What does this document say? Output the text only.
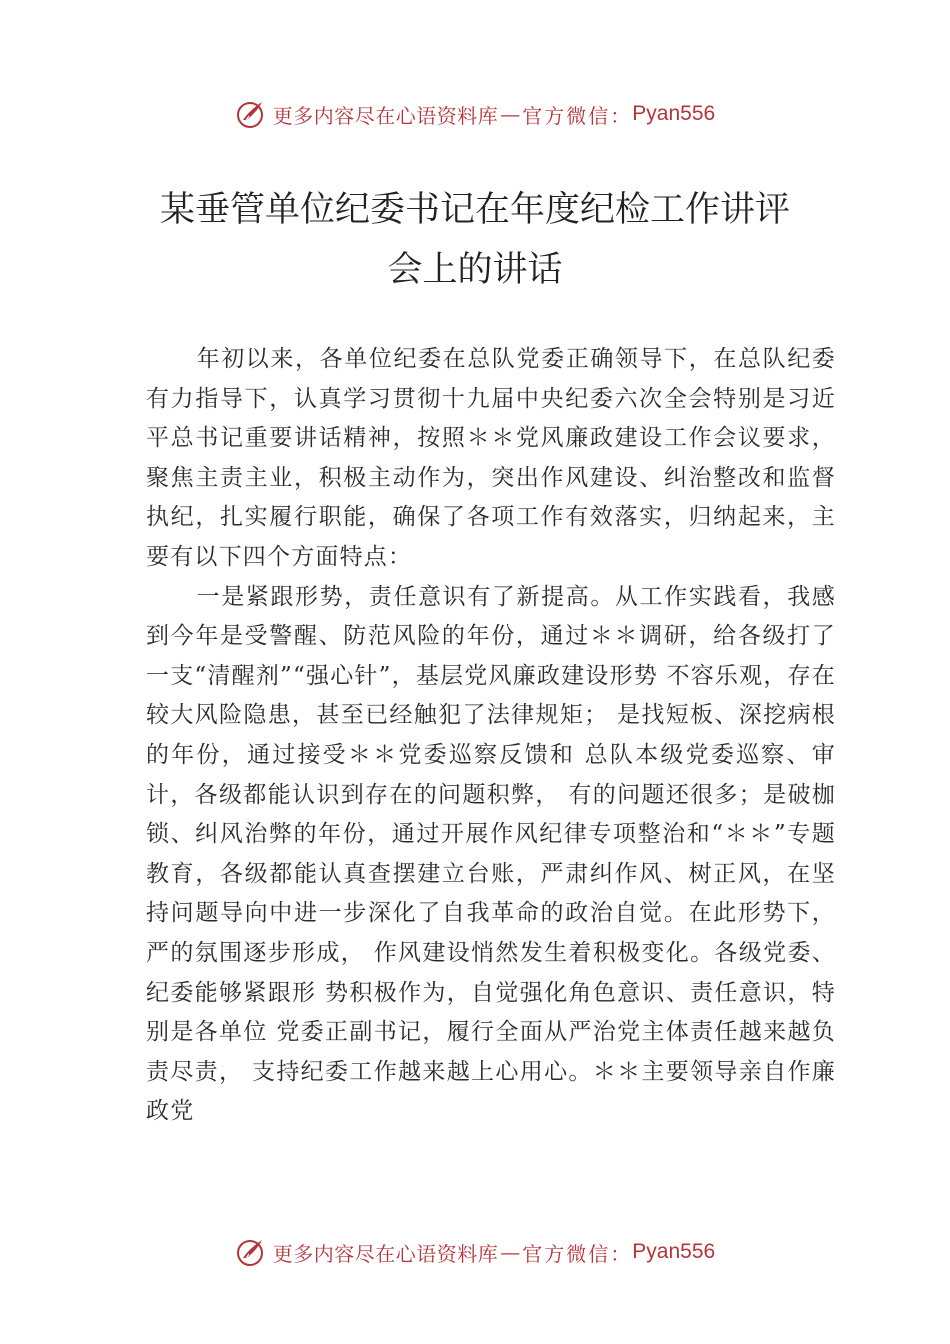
更多内容尽在心语资料库 — 官方微信： Pyan556
某垂管单位纪委书记在年度纪检工作讲评
会上的讲话

年初以来，各单位纪委在总队党委正确领导下，在总队纪委有力指导下，认真学习贯彻十九届中央纪委六次全会特别是习近平总书记重要讲话精神，按照＊＊党风廉政建设工作会议要求，聚焦主责主业，积极主动作为，突出作风建设、纠治整改和监督执纪，扎实履行职能，确保了各项工作有效落实，归纳起来，主要有以下四个方面特点：

一是紧跟形势，责任意识有了新提高。从工作实践看，我感到今年是受警醒、防范风险的年份，通过＊＊调研，给各级打了一支“清醒剂”“强心针”，基层党风廉政建设形势 不容乐观，存在较大风险隐患，甚至已经触犯了法律规矩； 是找短板、深挖病根的年份，通过接受＊＊党委巡察反馈和 总队本级党委巡察、审计，各级都能认识到存在的问题积弊， 有的问题还很多；是破枷锁、纠风治弊的年份，通过开展作风纪律专项整治和“＊＊”专题教育，各级都能认真查摆建立台账，严肃纠作风、树正风，在坚持问题导向中进一步深化了自我革命的政治自觉。在此形势下，严的氛围逐步形成， 作风建设悄然发生着积极变化。各级党委、纪委能够紧跟形 势积极作为，自觉强化角色意识、责任意识，特别是各单位 党委正副书记，履行全面从严治党主体责任越来越负责尽责， 支持纪委工作越来越上心用心。＊＊主要领导亲自作廉政党

更多内容尽在心语资料库 — 官方微信： Pyan556
